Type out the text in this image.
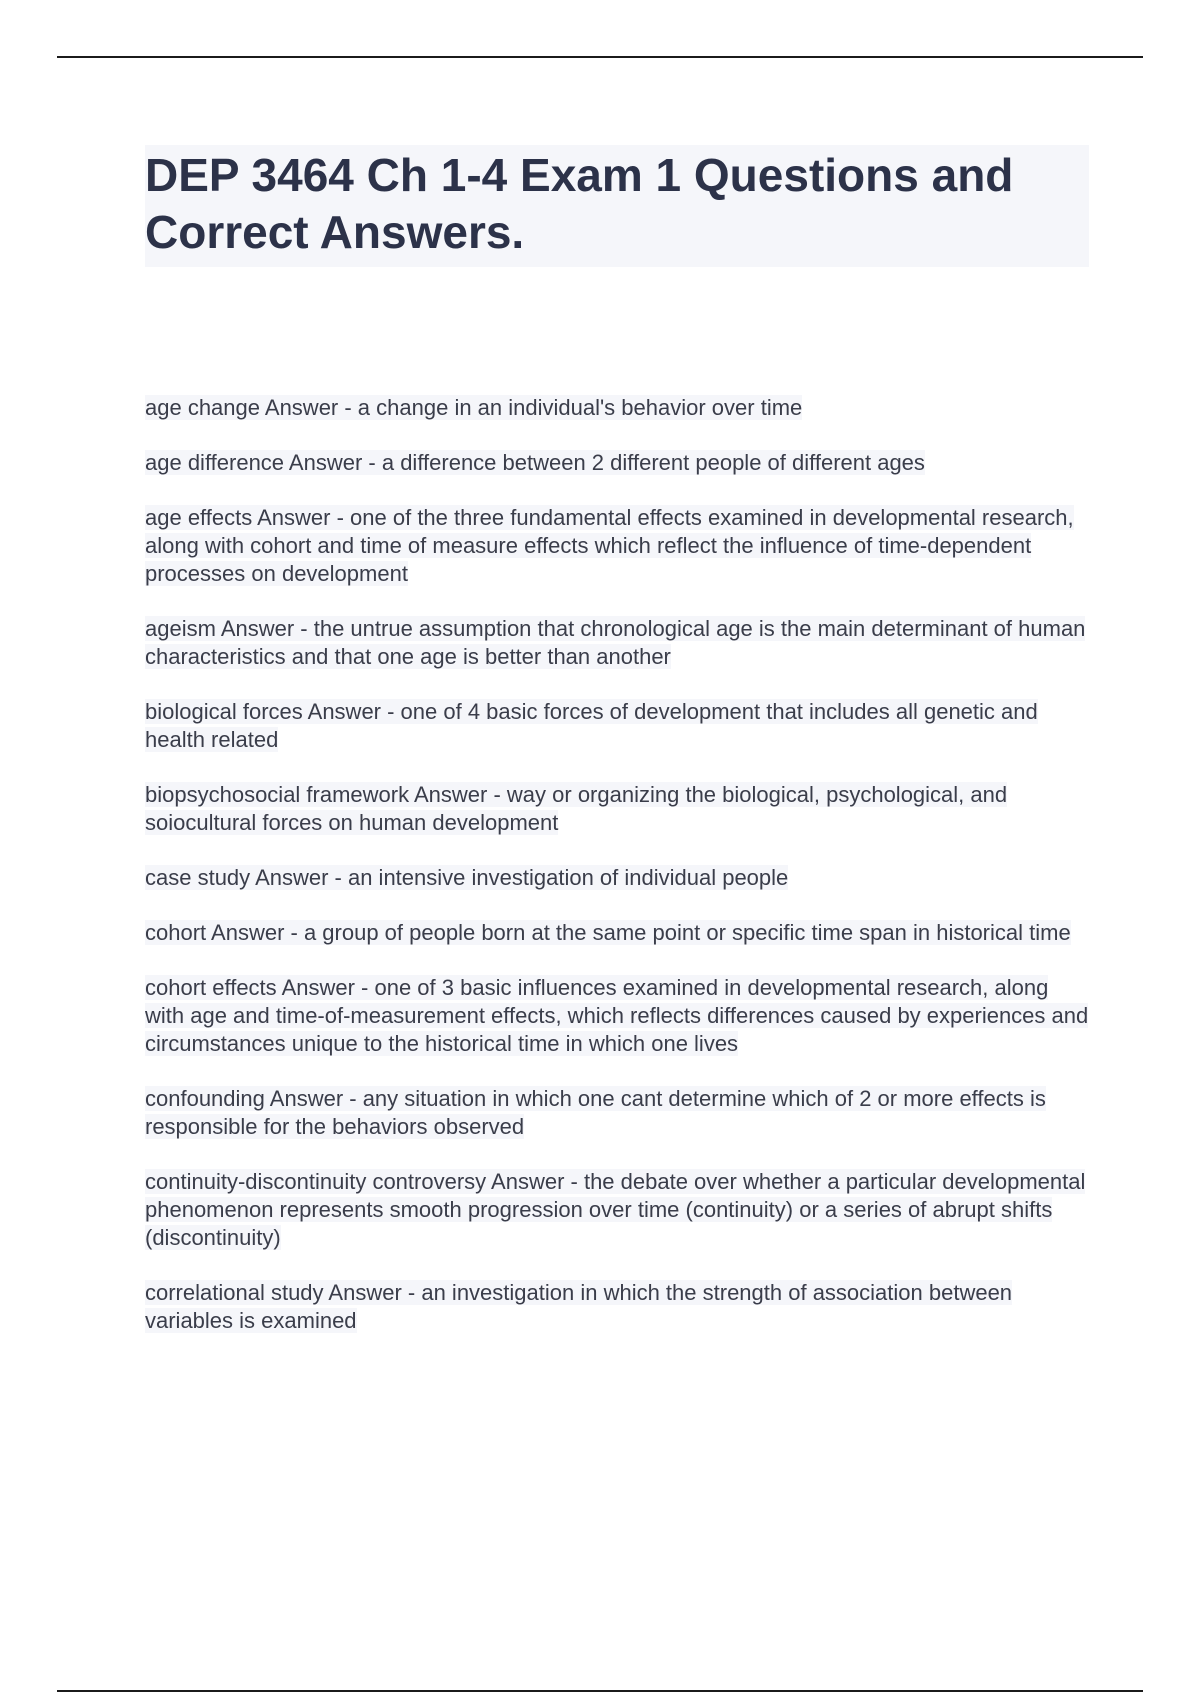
DEP 3464 Ch 1-4 Exam 1 Questions and Correct Answers.

age change Answer - a change in an individual's behavior over time

age difference Answer - a difference between 2 different people of different ages

age effects Answer - one of the three fundamental effects examined in developmental research, along with cohort and time of measure effects which reflect the influence of time-dependent processes on development

ageism Answer - the untrue assumption that chronological age is the main determinant of human characteristics and that one age is better than another

biological forces Answer - one of 4 basic forces of development that includes all genetic and health related

biopsychosocial framework Answer - way or organizing the biological, psychological, and soiocultural forces on human development

case study Answer - an intensive investigation of individual people

cohort Answer - a group of people born at the same point or specific time span in historical time

cohort effects Answer - one of 3 basic influences examined in developmental research, along with age and time-of-measurement effects, which reflects differences caused by experiences and circumstances unique to the historical time in which one lives

confounding Answer - any situation in which one cant determine which of 2 or more effects is responsible for the behaviors observed

continuity-discontinuity controversy Answer - the debate over whether a particular developmental phenomenon represents smooth progression over time (continuity) or a series of abrupt shifts (discontinuity)

correlational study Answer - an investigation in which the strength of association between variables is examined
